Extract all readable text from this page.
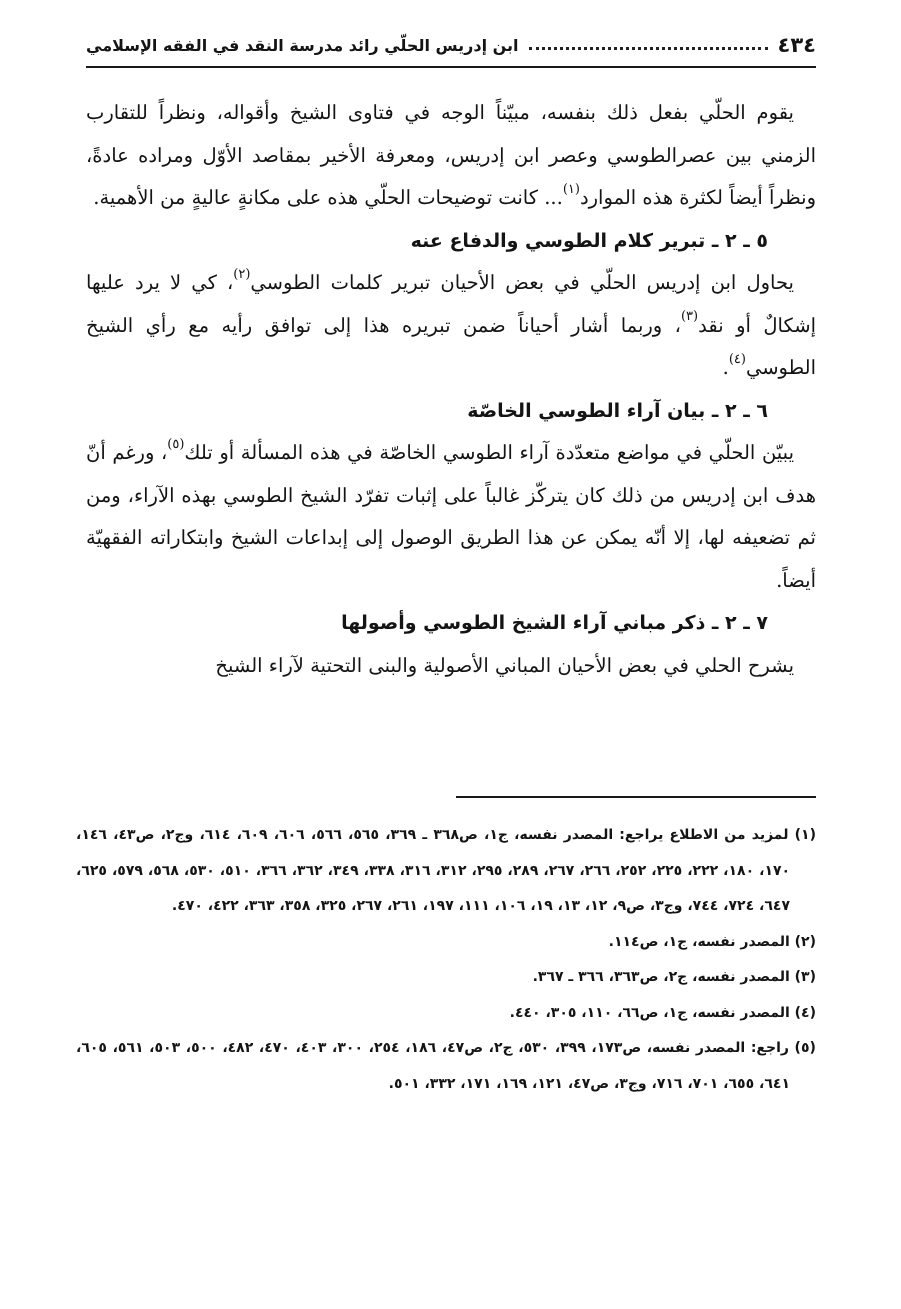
٤٣٤
ابن إدريس الحلّي رائد مدرسة النقد في الفقه الإسلامي

يقوم الحلّي بفعل ذلك بنفسه، مبيّناً الوجه في فتاوى الشيخ وأقواله، ونظراً للتقارب الزمني بين عصرالطوسي وعصر ابن إدريس، ومعرفة الأخير بمقاصد الأوّل ومراده عادةً، ونظراً أيضاً لكثرة هذه الموارد$^{(١)}$... كانت توضيحات الحلّي هذه على مكانةٍ عاليةٍ من الأهمية.

٥ ـ ٢ ـ تبرير كلام الطوسي والدفاع عنه

يحاول ابن إدريس الحلّي في بعض الأحيان تبرير كلمات الطوسي$^{(٢)}$، كي لا يرد عليها إشكالٌ أو نقد$^{(٣)}$، وربما أشار أحياناً ضمن تبريره هذا إلى توافق رأيه مع رأي الشيخ الطوسي$^{(٤)}$.

٦ ـ ٢ ـ بيان آراء الطوسي الخاصّة

يبيّن الحلّي في مواضع متعدّدة آراء الطوسي الخاصّة في هذه المسألة أو تلك$^{(٥)}$، ورغم أنّ هدف ابن إدريس من ذلك كان يتركّز غالباً على إثبات تفرّد الشيخ الطوسي بهذه الآراء، ومن ثم تضعيفه لها، إلا أنّه يمكن عن هذا الطريق الوصول إلى إبداعات الشيخ وابتكاراته الفقهيّة أيضاً.

٧ ـ ٢ ـ ذكر مباني آراء الشيخ الطوسي وأصولها

يشرح الحلي في بعض الأحيان المباني الأصولية والبنى التحتية لآراء الشيخ

(١) لمزيد من الاطلاع يراجع: المصدر نفسه، ج١، ص٣٦٨ ـ ٣٦٩، ٥٦٥، ٥٦٦، ٦٠٦، ٦٠٩، ٦١٤، وج٢، ص٤٣، ١٤٦، ١٧٠، ١٨٠، ٢٢٢، ٢٢٥، ٢٥٢، ٢٦٦، ٢٦٧، ٢٨٩، ٢٩٥، ٣١٢، ٣١٦، ٣٣٨، ٣٤٩، ٣٦٢، ٣٦٦، ٥١٠، ٥٣٠، ٥٦٨، ٥٧٩، ٦٢٥، ٦٤٧، ٧٢٤، ٧٤٤، وج٣، ص٩، ١٢، ١٣، ١٩، ١٠٦، ١١١، ١٩٧، ٢٦١، ٢٦٧، ٣٢٥، ٣٥٨، ٣٦٣، ٤٢٢، ٤٧٠.

(٢) المصدر نفسه، ج١، ص١١٤.

(٣) المصدر نفسه، ج٢، ص٣٦٣، ٣٦٦ ـ ٣٦٧.

(٤) المصدر نفسه، ج١، ص٦٦، ١١٠، ٣٠٥، ٤٤٠.

(٥) راجع: المصدر نفسه، ص١٧٣، ٣٩٩، ٥٣٠، ج٢، ص٤٧، ١٨٦، ٢٥٤، ٣٠٠، ٤٠٣، ٤٧٠، ٤٨٢، ٥٠٠، ٥٠٣، ٥٦١، ٦٠٥، ٦٤١، ٦٥٥، ٧٠١، ٧١٦، وج٣، ص٤٧، ١٢١، ١٦٩، ١٧١، ٣٣٢، ٥٠١.
